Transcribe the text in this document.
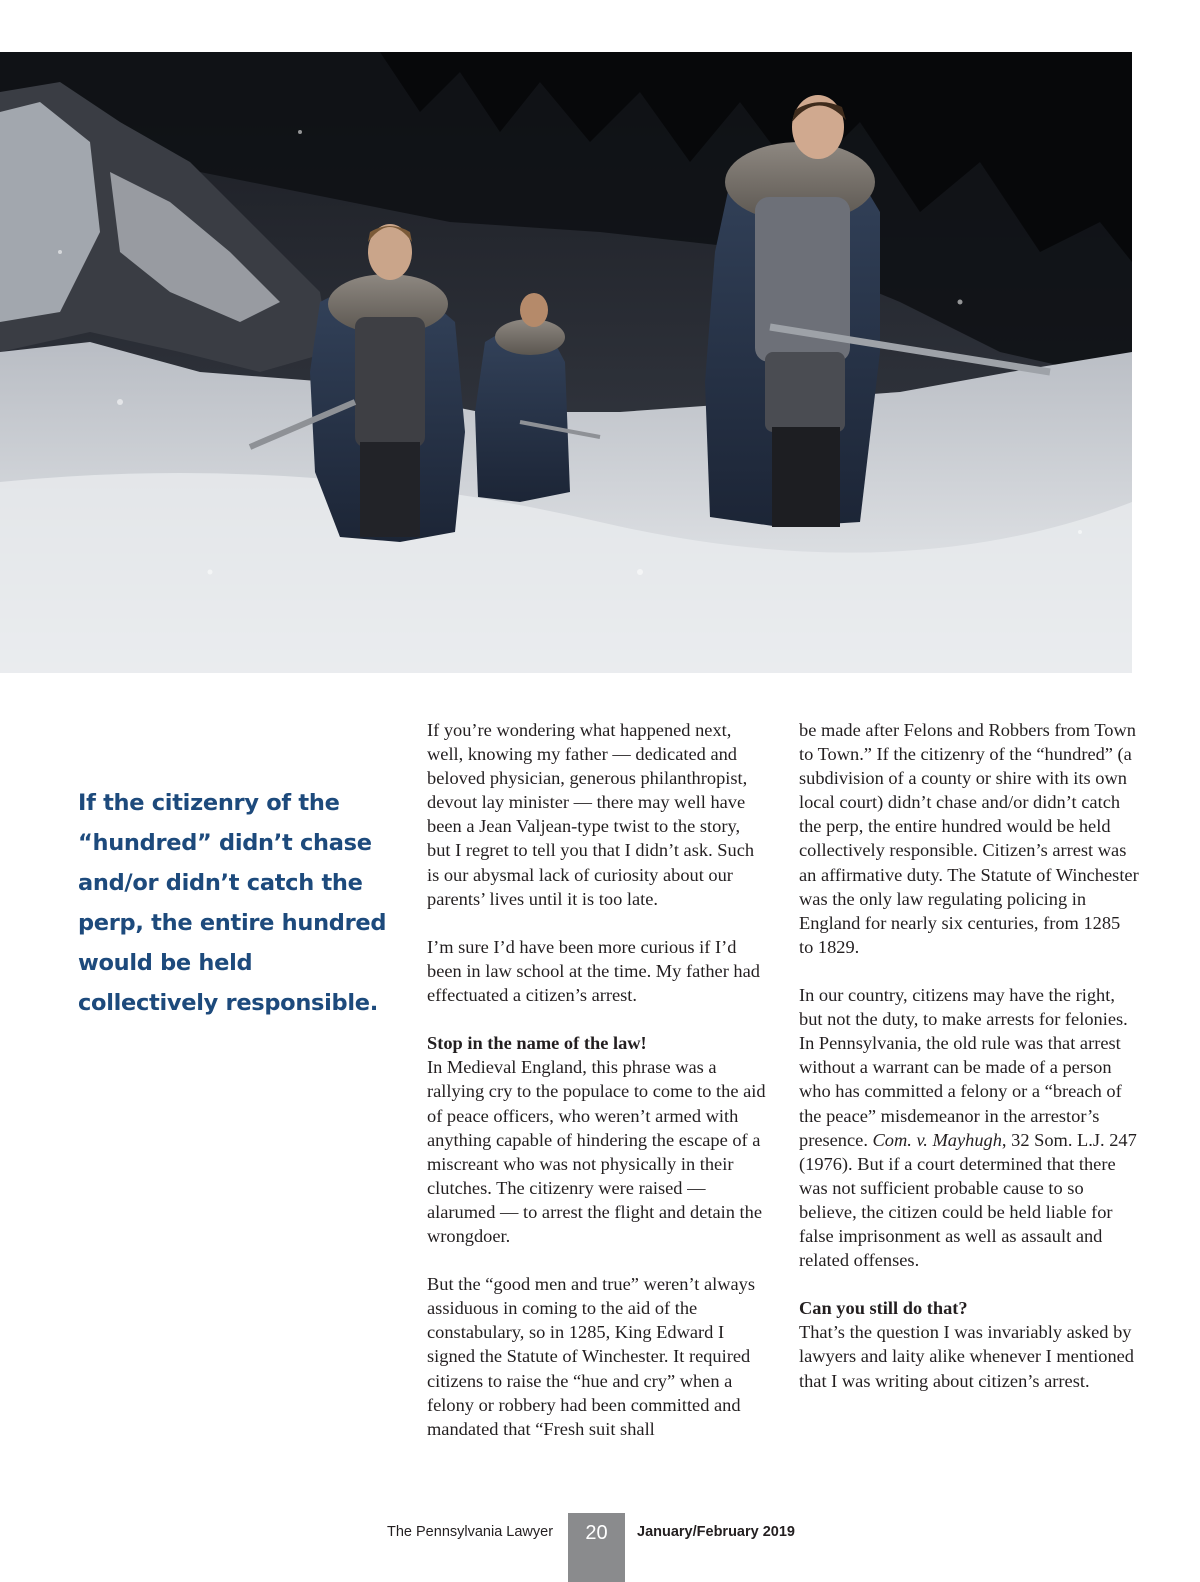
If the citizenry of the “hundred” didn’t chase and/or didn’t catch the perp, the entire hundred would be held collectively responsible.

If you’re wondering what happened next, well, knowing my father — dedicated and beloved physician, generous philanthropist, devout lay minister — there may well have been a Jean Valjean-type twist to the story, but I regret to tell you that I didn’t ask. Such is our abysmal lack of curiosity about our parents’ lives until it is too late.

I’m sure I’d have been more curious if I’d been in law school at the time. My father had effectuated a citizen’s arrest.

Stop in the name of the law!

In Medieval England, this phrase was a rallying cry to the populace to come to the aid of peace officers, who weren’t armed with anything capable of hindering the escape of a miscreant who was not physically in their clutches. The citizenry were raised — alarumed — to arrest the flight and detain the wrongdoer.

But the “good men and true” weren’t always assiduous in coming to the aid of the constabulary, so in 1285, King Edward I signed the Statute of Winchester. It required citizens to raise the “hue and cry” when a felony or robbery had been committed and mandated that “Fresh suit shall

be made after Felons and Robbers from Town to Town.” If the citizenry of the “hundred” (a subdivision of a county or shire with its own local court) didn’t chase and/or didn’t catch the perp, the entire hundred would be held collectively responsible. Citizen’s arrest was an affirmative duty. The Statute of Winchester was the only law regulating policing in England for nearly six centuries, from 1285 to 1829.

In our country, citizens may have the right, but not the duty, to make arrests for felonies. In Pennsylvania, the old rule was that arrest without a warrant can be made of a person who has committed a felony or a “breach of the peace” misdemeanor in the arrestor’s presence. Com. v. Mayhugh, 32 Som. L.J. 247 (1976). But if a court determined that there was not sufficient probable cause to so believe, the citizen could be held liable for false imprisonment as well as assault and related offenses.

Can you still do that?

That’s the question I was invariably asked by lawyers and laity alike whenever I mentioned that I was writing about citizen’s arrest.

The Pennsylvania Lawyer	20	January/February 2019
